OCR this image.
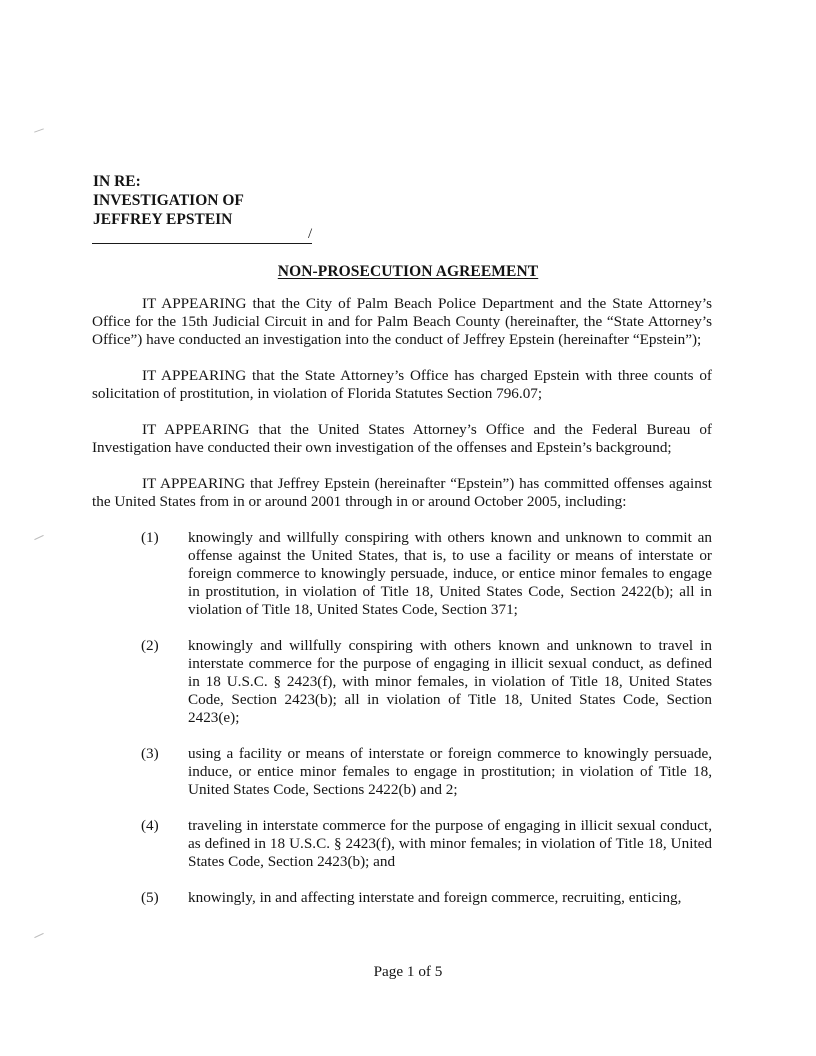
IN RE:
INVESTIGATION OF
JEFFREY EPSTEIN
/
NON-PROSECUTION AGREEMENT

IT APPEARING that the City of Palm Beach Police Department and the State Attorney’s Office for the 15th Judicial Circuit in and for Palm Beach County (hereinafter, the “State Attorney’s Office”) have conducted an investigation into the conduct of Jeffrey Epstein (hereinafter “Epstein”);

IT APPEARING that the State Attorney’s Office has charged Epstein with three counts of solicitation of prostitution, in violation of Florida Statutes Section 796.07;

IT APPEARING that the United States Attorney’s Office and the Federal Bureau of Investigation have conducted their own investigation of the offenses and Epstein’s background;

IT APPEARING that Jeffrey Epstein (hereinafter “Epstein”) has committed offenses against the United States from in or around 2001 through in or around October 2005, including:

(1) knowingly and willfully conspiring with others known and unknown to commit an offense against the United States, that is, to use a facility or means of interstate or foreign commerce to knowingly persuade, induce, or entice minor females to engage in prostitution, in violation of Title 18, United States Code, Section 2422(b); all in violation of Title 18, United States Code, Section 371;
(2) knowingly and willfully conspiring with others known and unknown to travel in interstate commerce for the purpose of engaging in illicit sexual conduct, as defined in 18 U.S.C. § 2423(f), with minor females, in violation of Title 18, United States Code, Section 2423(b); all in violation of Title 18, United States Code, Section 2423(e);
(3) using a facility or means of interstate or foreign commerce to knowingly persuade, induce, or entice minor females to engage in prostitution; in violation of Title 18, United States Code, Sections 2422(b) and 2;
(4) traveling in interstate commerce for the purpose of engaging in illicit sexual conduct, as defined in 18 U.S.C. § 2423(f), with minor females; in violation of Title 18, United States Code, Section 2423(b); and
(5) knowingly, in and affecting interstate and foreign commerce, recruiting, enticing,
Page 1 of 5
